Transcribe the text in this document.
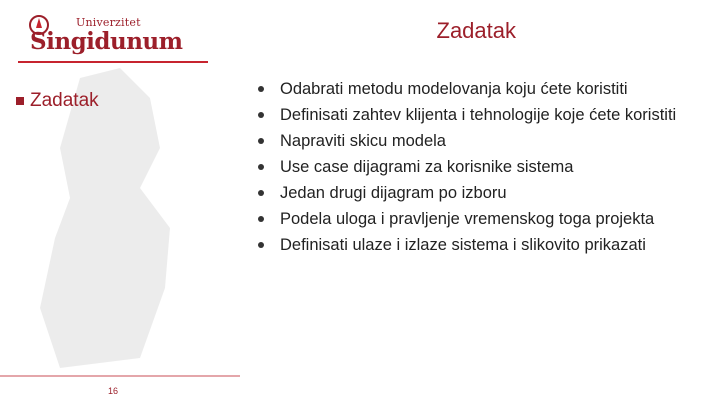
Univerzitet
Singidunum	Zadatak
Zadatak
Odabrati metodu modelovanja koju ćete koristiti
Definisati zahtev klijenta i tehnologije koje ćete koristiti
Napraviti skicu modela
Use case dijagrami za korisnike sistema
Jedan drugi dijagram po izboru
Podela uloga i pravljenje vremenskog toga projekta
Definisati ulaze i izlaze sistema i slikovito prikazati
16
